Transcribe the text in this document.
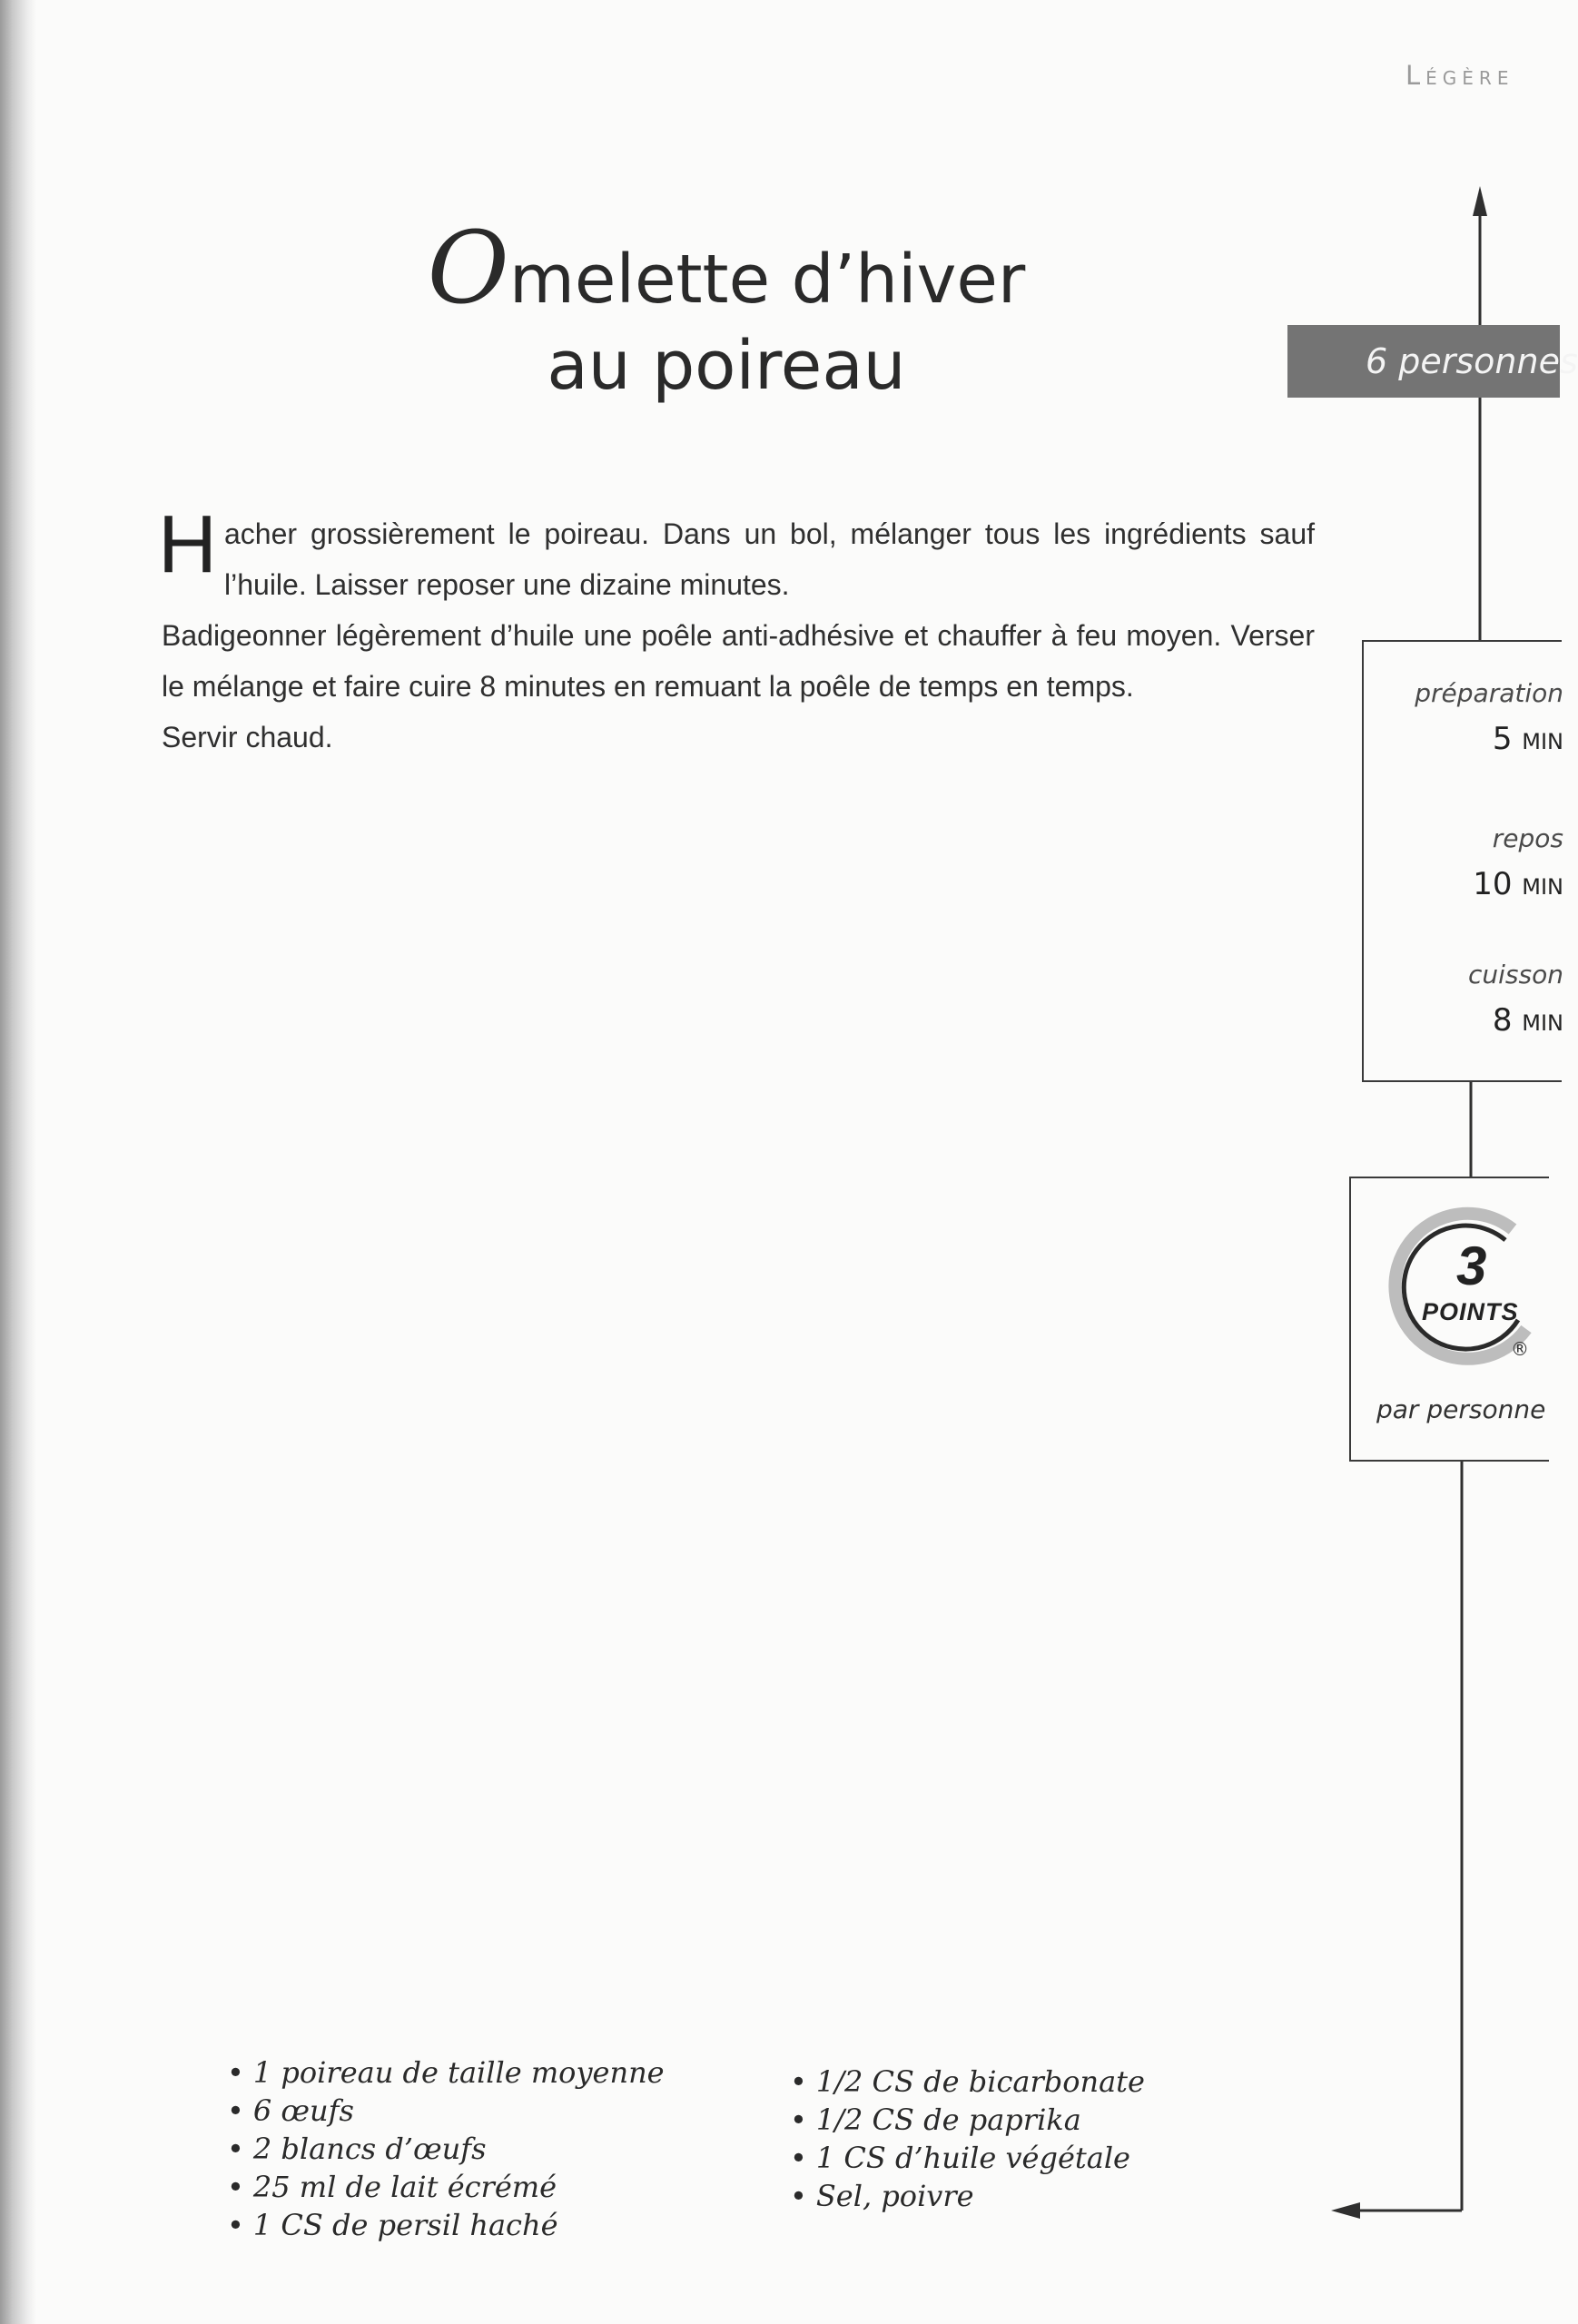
Légère
Omelette d’hiver
au poireau

Hacher grossièrement le poireau. Dans un bol, mélanger tous les ingrédients sauf l’huile. Laisser reposer une dizaine minutes.

Badigeonner légèrement d’huile une poêle anti-adhésive et chauffer à feu moyen. Verser le mélange et faire cuire 8 minutes en remuant la poêle de temps en temps.

Servir chaud.

6 personnes
préparation
5 min
repos
10 min
cuisson
8 min
3
POINTS
®
par personne
• 1 poireau de taille moyenne
• 6 œufs
• 2 blancs d’œufs
• 25 ml de lait écrémé
• 1 CS de persil haché
• 1/2 CS de bicarbonate
• 1/2 CS de paprika
• 1 CS d’huile végétale
• Sel, poivre
